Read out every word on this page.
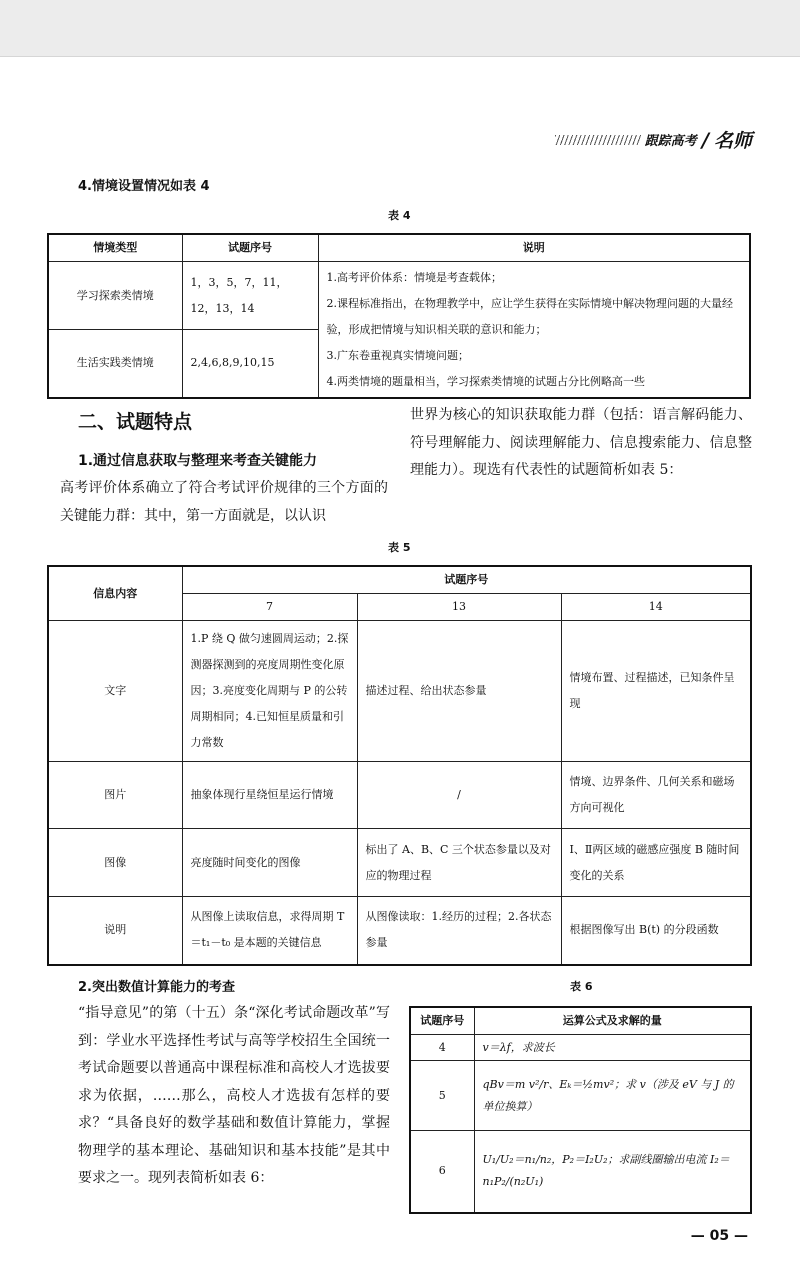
跟踪高考 / 名师
4.情境设置情况如表 4
表 4
情境类型	试题序号	说明
学习探索类情境	1，3，5，7，11，12，13，14	1.高考评价体系：情境是考查载体；
2.课程标准指出，在物理教学中，应让学生获得在实际情境中解决物理问题的大量经验，形成把情境与知识相关联的意识和能力；
3.广东卷重视真实情境问题；
4.两类情境的题量相当，学习探索类情境的试题占分比例略高一些

生活实践类情境	2,4,6,8,9,10,15	
二、试题特点
1.通过信息获取与整理来考查关键能力
高考评价体系确立了符合考试评价规律的三个方面的关键能力群：其中，第一方面就是，以认识
世界为核心的知识获取能力群（包括：语言解码能力、符号理解能力、阅读理解能力、信息搜索能力、信息整理能力）。现选有代表性的试题简析如表 5：
表 5
信息内容	试题序号		
	7	13	14
文字	1.P 绕 Q 做匀速圆周运动；2.探测器探测到的亮度周期性变化原因；3.亮度变化周期与 P 的公转周期相同；4.已知恒星质量和引力常数	描述过程、给出状态参量	情境布置、过程描述，已知条件呈现
图片	抽象体现行星绕恒星运行情境	/	情境、边界条件、几何关系和磁场方向可视化
图像	亮度随时间变化的图像	标出了 A、B、C 三个状态参量以及对应的物理过程	Ⅰ、Ⅱ两区域的磁感应强度 B 随时间变化的关系
说明	从图像上读取信息，求得周期 T＝t₁－t₀ 是本题的关键信息	从图像读取：1.经历的过程；2.各状态参量	根据图像写出 B(t) 的分段函数
2.突出数值计算能力的考查	表 6
“指导意见”的第（十五）条“深化考试命题改革”写到：学业水平选择性考试与高等学校招生全国统一考试命题要以普通高中课程标准和高校人才选拔要求为依据，……那么，高校人才选拔有怎样的要求？“具备良好的数学基础和数值计算能力，掌握物理学的基本理论、基础知识和基本技能”是其中要求之一。现列表简析如表 6：
试题序号	运算公式及求解的量
4	v＝λf，求波长
5	qBv＝m v²/r、Eₖ＝½mv²；求 v（涉及 eV 与 J 的单位换算）
6	U₁/U₂＝n₁/n₂，P₂＝I₂U₂；求副线圈输出电流 I₂＝n₁P₂/(n₂U₁)
— 05 —
